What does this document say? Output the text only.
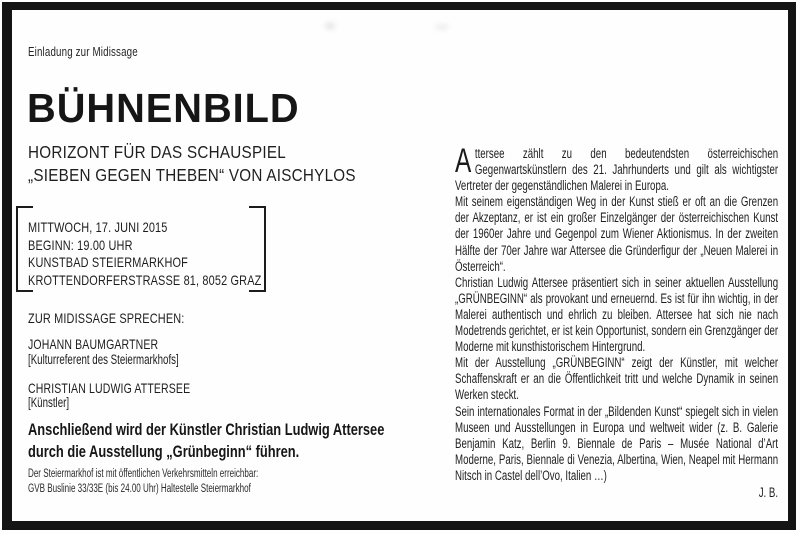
Einladung zur Midissage
BÜHNENBILD
HORIZONT FÜR DAS SCHAUSPIEL
„SIEBEN GEGEN THEBEN“ VON AISCHYLOS
MITTWOCH, 17. JUNI 2015
BEGINN: 19.00 UHR
KUNSTBAD STEIERMARKHOF
KROTTENDORFERSTRASSE 81, 8052 GRAZ
ZUR MIDISSAGE SPRECHEN:
JOHANN BAUMGARTNER
[Kulturreferent des Steiermarkhofs]
CHRISTIAN LUDWIG ATTERSEE
[Künstler]
Anschließend wird der Künstler Christian Ludwig Attersee
durch die Ausstellung „Grünbeginn“ führen.
Der Steiermarkhof ist mit öffentlichen Verkehrsmitteln erreichbar:
GVB Buslinie 33/33E (bis 24.00 Uhr) Haltestelle Steiermarkhof

Attersee zählt zu den bedeutendsten österreichischen Gegenwartskünstlern des 21. Jahrhunderts und gilt als wichtigster Vertreter der gegenständlichen Malerei in Europa.

Mit seinem eigenständigen Weg in der Kunst stieß er oft an die Grenzen der Akzeptanz, er ist ein großer Einzelgänger der österreichischen Kunst der 1960er Jahre und Gegenpol zum Wiener Aktionismus. In der zweiten Hälfte der 70er Jahre war Attersee die Gründerfigur der „Neuen Malerei in Österreich“.

Christian Ludwig Attersee präsentiert sich in seiner aktuellen Ausstellung „GRÜNBEGINN“ als provokant und erneuernd. Es ist für ihn wichtig, in der Malerei authentisch und ehrlich zu bleiben. Attersee hat sich nie nach Modetrends gerichtet, er ist kein Opportunist, sondern ein Grenzgänger der Moderne mit kunsthistorischem Hintergrund.

Mit der Ausstellung „GRÜNBEGINN“ zeigt der Künstler, mit welcher Schaffenskraft er an die Öffentlichkeit tritt und welche Dynamik in seinen Werken steckt.

Sein internationales Format in der „Bildenden Kunst“ spiegelt sich in vielen Museen und Ausstellungen in Europa und weltweit wider (z. B. Galerie Benjamin Katz, Berlin 9. Biennale de Paris – Musée National d’Art Moderne, Paris, Biennale di Venezia, Albertina, Wien, Neapel mit Hermann Nitsch in Castel dell’Ovo, Italien …)

J. B.
